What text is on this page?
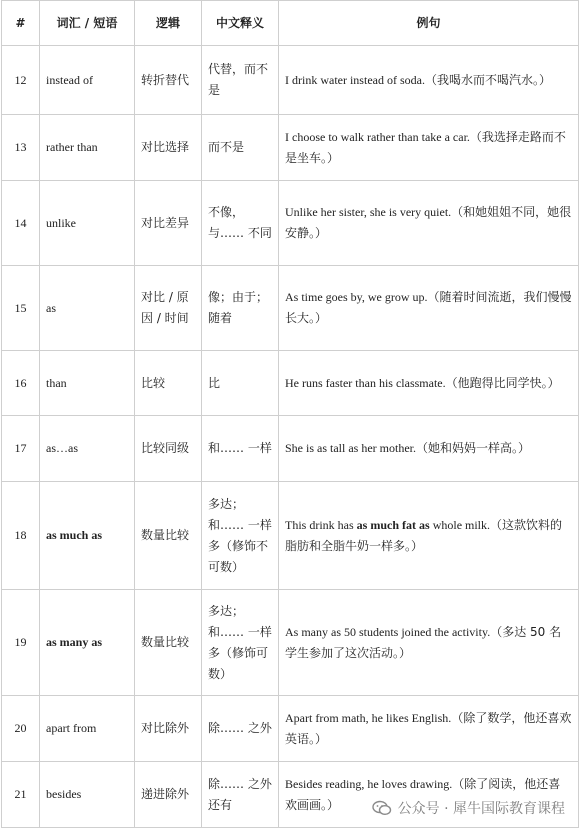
#	词汇 / 短语	逻辑	中文释义	例句
12	instead of	转折替代	代替，而不是	I drink water instead of soda.（我喝水而不喝汽水。）
13	rather than	对比选择	而不是	I choose to walk rather than take a car.（我选择走路而不是坐车。）
14	unlike	对比差异	不像，与…… 不同	Unlike her sister, she is very quiet.（和她姐姐不同，她很安静。）
15	as	对比 / 原因 / 时间	像；由于；随着	As time goes by, we grow up.（随着时间流逝，我们慢慢长大。）
16	than	比较	比	He runs faster than his classmate.（他跑得比同学快。）
17	as…as	比较同级	和…… 一样	She is as tall as her mother.（她和妈妈一样高。）
18	as much as	数量比较	多达；和…… 一样多（修饰不可数）	This drink has as much fat as whole milk.（这款饮料的脂肪和全脂牛奶一样多。）
19	as many as	数量比较	多达；和…… 一样多（修饰可数）	As many as 50 students joined the activity.（多达 50 名学生参加了这次活动。）
20	apart from	对比除外	除…… 之外	Apart from math, he likes English.（除了数学，他还喜欢英语。）
21	besides	递进除外	除…… 之外还有	Besides reading, he loves drawing.（除了阅读，他还喜欢画画。）	公众号 · 犀牛国际教育课程
